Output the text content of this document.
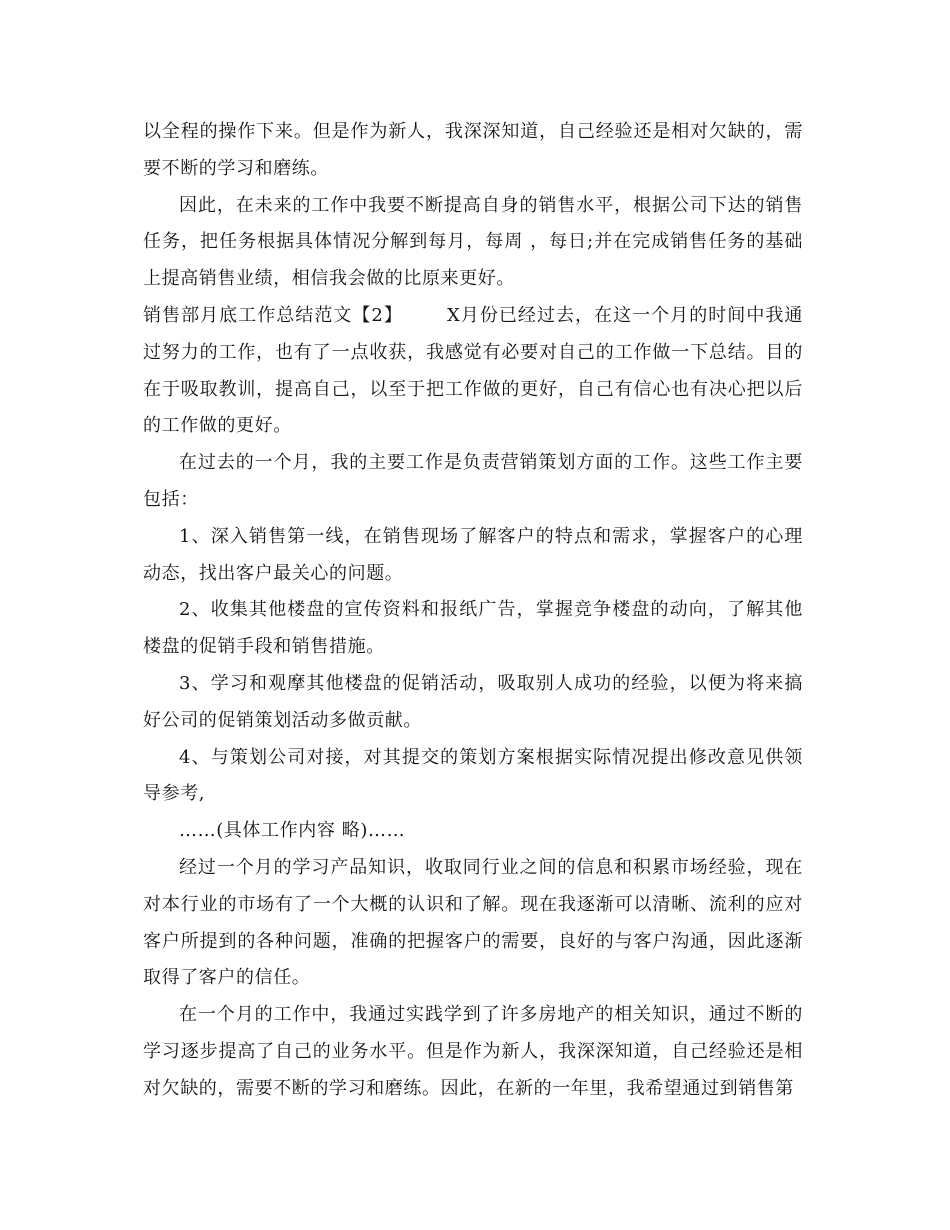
以全程的操作下来。但是作为新人，我深深知道，自己经验还是相对欠缺的，需要不断的学习和磨练。

因此，在未来的工作中我要不断提高自身的销售水平，根据公司下达的销售任务，把任务根据具体情况分解到每月，每周 ，每日;并在完成销售任务的基础上提高销售业绩，相信我会做的比原来更好。

销售部月底工作总结范文【2】 X月份已经过去，在这一个月的时间中我通过努力的工作，也有了一点收获，我感觉有必要对自己的工作做一下总结。目的在于吸取教训，提高自己，以至于把工作做的更好，自己有信心也有决心把以后的工作做的更好。

在过去的一个月，我的主要工作是负责营销策划方面的工作。这些工作主要包括：

1、深入销售第一线，在销售现场了解客户的特点和需求，掌握客户的心理动态，找出客户最关心的问题。

2、收集其他楼盘的宣传资料和报纸广告，掌握竞争楼盘的动向，了解其他楼盘的促销手段和销售措施。

3、学习和观摩其他楼盘的促销活动，吸取别人成功的经验，以便为将来搞好公司的促销策划活动多做贡献。

4、与策划公司对接，对其提交的策划方案根据实际情况提出修改意见供领导参考,

……(具体工作内容 略)……

经过一个月的学习产品知识，收取同行业之间的信息和积累市场经验，现在对本行业的市场有了一个大概的认识和了解。现在我逐渐可以清晰、流利的应对客户所提到的各种问题，准确的把握客户的需要，良好的与客户沟通，因此逐渐取得了客户的信任。

在一个月的工作中，我通过实践学到了许多房地产的相关知识，通过不断的学习逐步提高了自己的业务水平。但是作为新人，我深深知道，自己经验还是相对欠缺的，需要不断的学习和磨练。因此，在新的一年里，我希望通过到销售第
